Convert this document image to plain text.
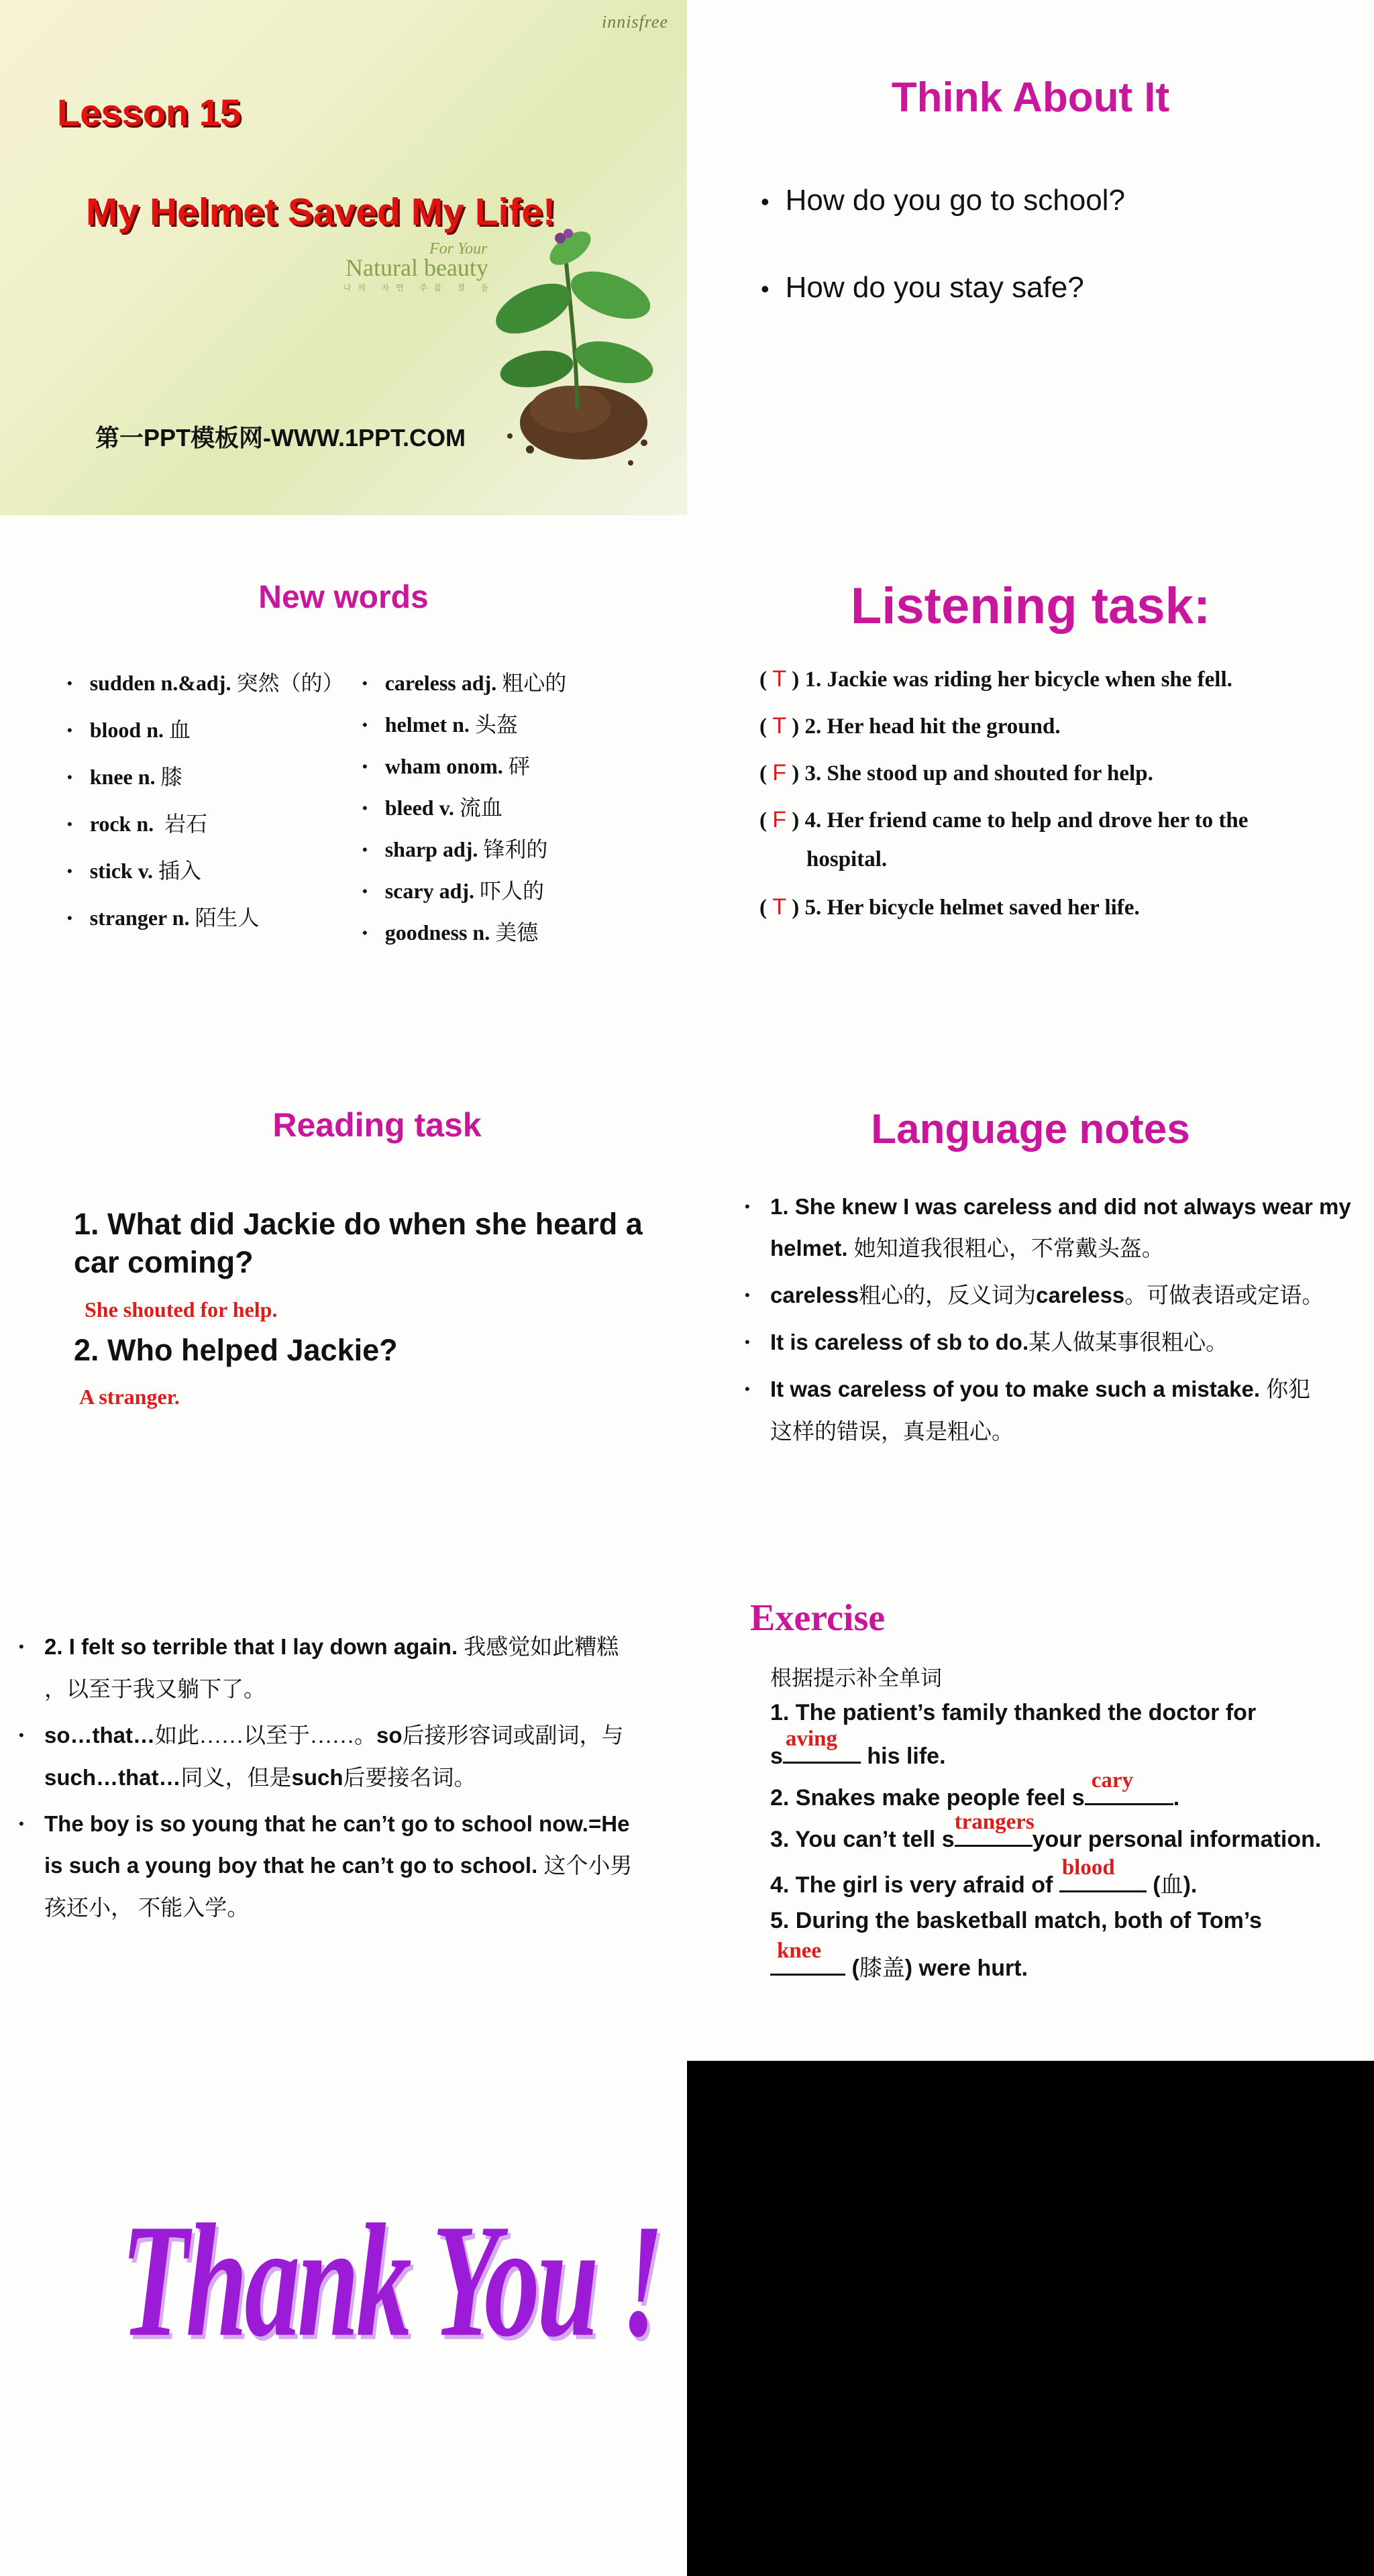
innisfree
Lesson 15
My Helmet Saved My Life!
For Your
Natural beauty
나의 자연 주름 결 돌
第一PPT模板网-WWW.1PPT.COM
Think About It
• How do you go to school?
• How do you stay safe?
New words
• sudden n.&adj. 突然（的）
• blood n. 血
• knee n. 膝
• rock n. 岩石
• stick v. 插入
• stranger n. 陌生人
• careless adj. 粗心的
• helmet n. 头盔
• wham onom. 砰
• bleed v. 流血
• sharp adj. 锋利的
• scary adj. 吓人的
• goodness n. 美德
Listening task:
( T ) 1. Jackie was riding her bicycle when she fell.
( T ) 2. Her head hit the ground.
( F ) 3. She stood up and shouted for help.
( F ) 4. Her friend came to help and drove her to the
hospital.
( T ) 5. Her bicycle helmet saved her life.
Reading task
1. What did Jackie do when she heard a car coming?
She shouted for help.
2. Who helped Jackie?
A stranger.
Language notes
• 1. She knew I was careless and did not always wear my helmet. 她知道我很粗心，不常戴头盔。
• careless粗心的，反义词为careless。可做表语或定语。
• It is careless of sb to do.某人做某事很粗心。
• It was careless of you to make such a mistake. 你犯
这样的错误，真是粗心。
• 2. I felt so terrible that I lay down again. 我感觉如此糟糕
，以至于我又躺下了。
• so…that…如此……以至于……。so后接形容词或副词，与
such…that…同义，但是such后要接名词。
• The boy is so young that he can’t go to school now.=He
is such a young boy that he can’t go to school. 这个小男
孩还小， 不能入学。
Exercise
根据提示补全单词
1. The patient’s family thanked the doctor for
s
aving
his life.
2. Snakes make people feel s
cary
.
3. You can’t tell s
trangers
your personal information.
4. The girl is very afraid of
blood
(血).
5. During the basketball match, both of Tom’s
knee
(膝盖) were hurt.
Thank You !
